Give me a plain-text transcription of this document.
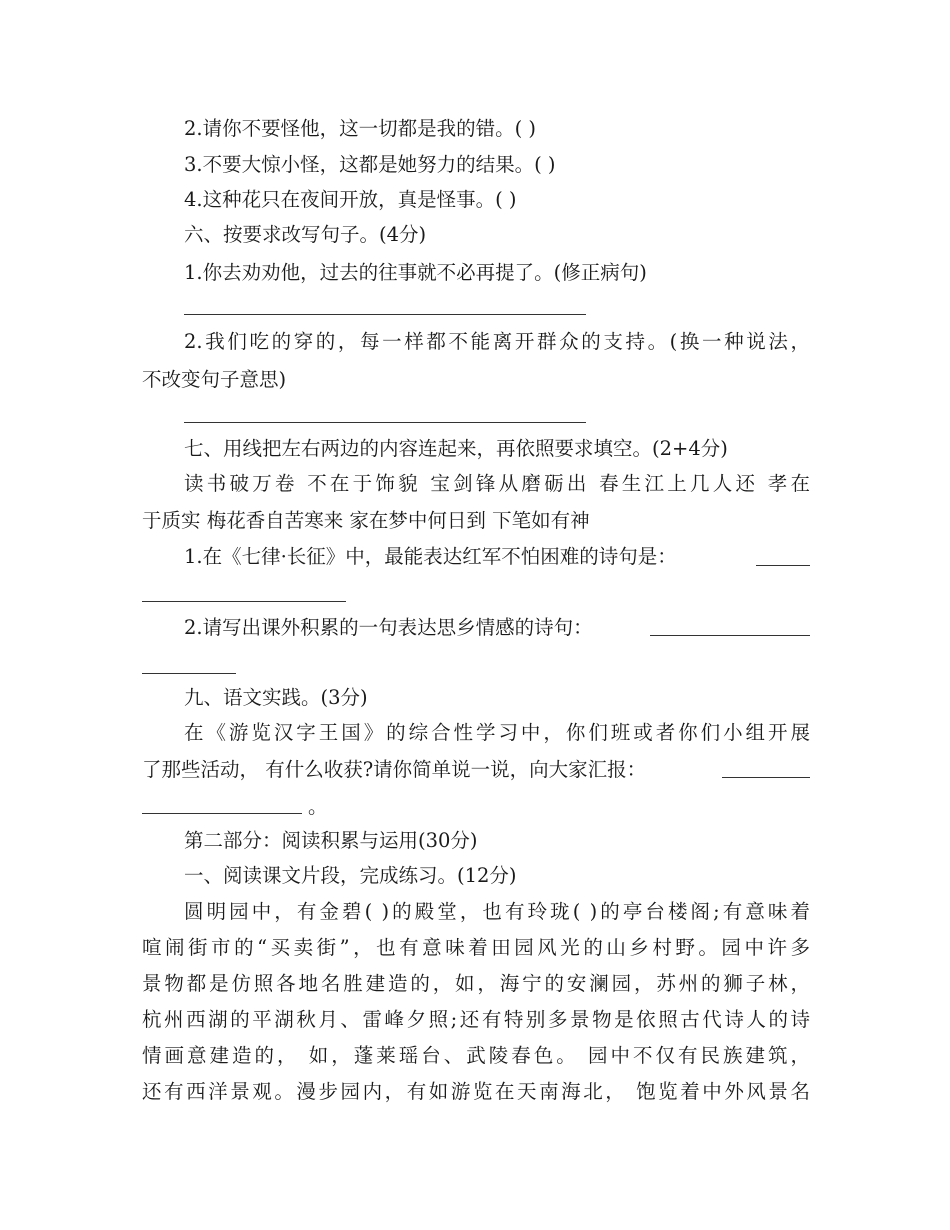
2.请你不要怪他，这一切都是我的错。( )
3.不要大惊小怪，这都是她努力的结果。( )
4.这种花只在夜间开放，真是怪事。( )
六、按要求改写句子。(4分)
1.你去劝劝他，过去的往事就不必再提了。(修正病句)
2.我们吃的穿的，每一样都不能离开群众的支持。(换一种说法，
不改变句子意思)
七、用线把左右两边的内容连起来，再依照要求填空。(2+4分)
读书破万卷 不在于饰貌 宝剑锋从磨砺出 春生江上几人还 孝在
于质实 梅花香自苦寒来 家在梦中何日到 下笔如有神
1.在《七律·长征》中，最能表达红军不怕困难的诗句是：
2.请写出课外积累的一句表达思乡情感的诗句：
九、语文实践。(3分)
在《游览汉字王国》的综合性学习中，你们班或者你们小组开展
了那些活动， 有什么收获?请你简单说一说，向大家汇报：
。
第二部分：阅读积累与运用(30分)
一、阅读课文片段，完成练习。(12分)
圆明园中，有金碧( )的殿堂，也有玲珑( )的亭台楼阁;有意味着
喧闹街市的“买卖街”，也有意味着田园风光的山乡村野。园中许多
景物都是仿照各地名胜建造的，如，海宁的安澜园，苏州的狮子林，
杭州西湖的平湖秋月、雷峰夕照;还有特别多景物是依照古代诗人的诗
情画意建造的， 如，蓬莱瑶台、武陵春色。 园中不仅有民族建筑，
还有西洋景观。漫步园内，有如游览在天南海北， 饱览着中外风景名
